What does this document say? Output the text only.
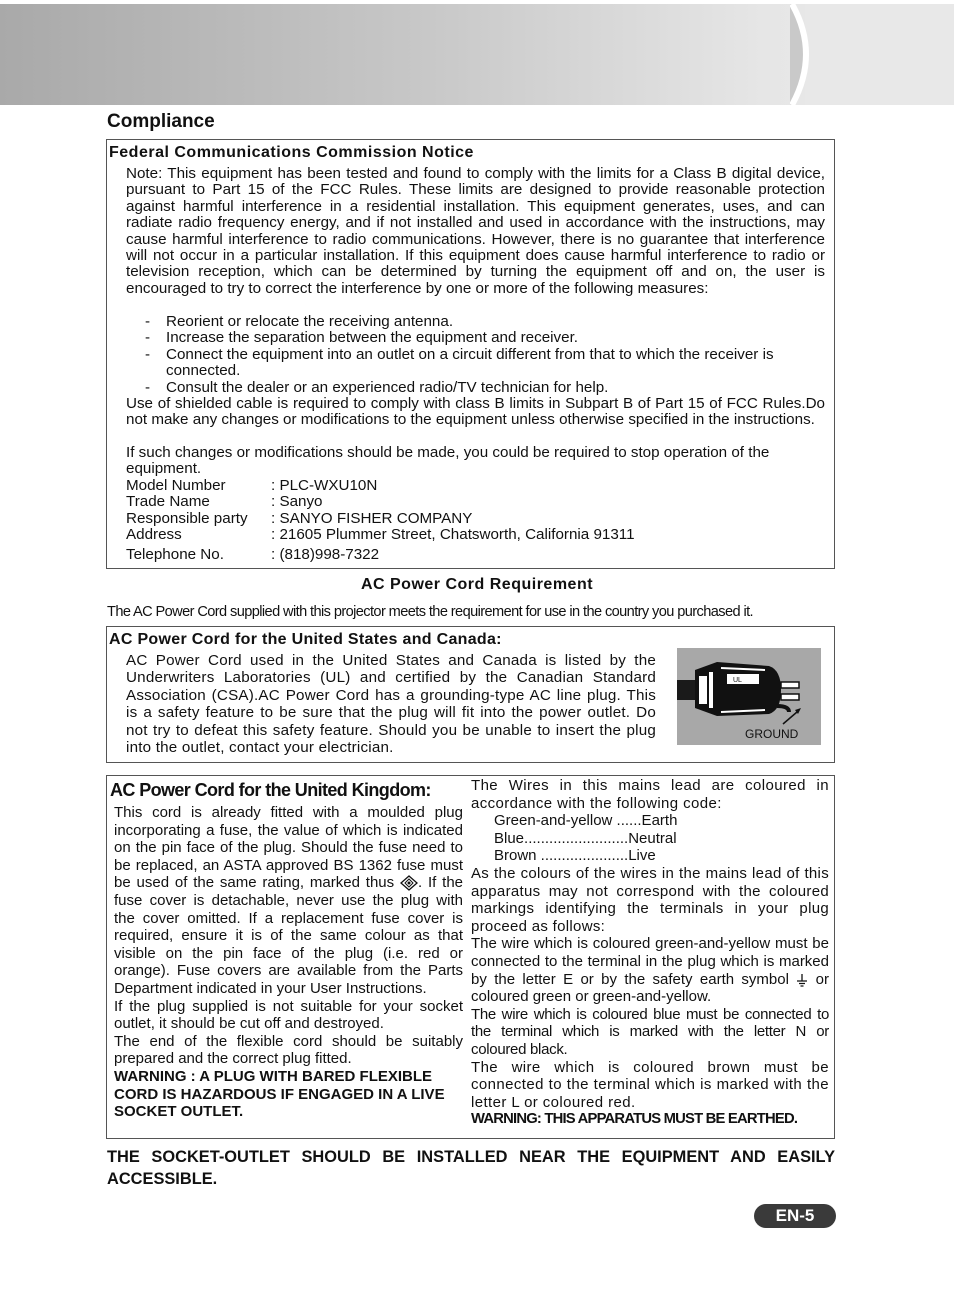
Compliance
Federal Communications Commission Notice
Note: This equipment has been tested and found to comply with the limits for a Class B digital device, pursuant to Part 15 of the FCC Rules. These limits are designed to provide reasonable protection against harmful interference in a residential installation. This equipment generates, uses, and can radiate radio frequency energy, and if not installed and used in accordance with the instructions, may cause harmful interference to radio communications. However, there is no guarantee that interference will not occur in a particular installation. If this equipment does cause harmful interference to radio or television reception, which can be determined by turning the equipment off and on, the user is encouraged to try to correct the interference by one or more of the following measures:
- Reorient or relocate the receiving antenna.
- Increase the separation between the equipment and receiver.
- Connect the equipment into an outlet on a circuit different from that to which the receiver is connected.
- Consult the dealer or an experienced radio/TV technician for help.
Use of shielded cable is required to comply with class B limits in Subpart B of Part 15 of FCC Rules.Do not make any changes or modifications to the equipment unless otherwise specified in the instructions.
If such changes or modifications should be made, you could be required to stop operation of the equipment.
Model Number	: PLC-WXU10N
Trade Name	: Sanyo
Responsible party : SANYO FISHER COMPANY
Address	: 21605 Plummer Street, Chatsworth, California 91311
Telephone No.	: (818)998-7322
AC Power Cord Requirement
The AC Power Cord supplied with this projector meets the requirement for use in the country you purchased it.
AC Power Cord for the United States and Canada:
AC Power Cord used in the United States and Canada is listed by the Underwriters Laboratories (UL) and certified by the Canadian Standard Association (CSA).AC Power Cord has a grounding-type AC line plug. This is a safety feature to be sure that the plug will fit into the power outlet. Do not try to defeat this safety feature. Should you be unable to insert the plug into the outlet, contact your electrician.
UL
GROUND
AC Power Cord for the United Kingdom:

This cord is already fitted with a moulded plug incorporating a fuse, the value of which is indicated on the pin face of the plug. Should the fuse need to be replaced, an ASTA approved BS 1362 fuse must be used of the same rating, marked thus . If the fuse cover is detachable, never use the plug with the cover omitted. If a replacement fuse cover is required, ensure it is of the same colour as that visible on the pin face of the plug (i.e. red or orange). Fuse covers are available from the Parts Department indicated in your User Instructions.

If the plug supplied is not suitable for your socket outlet, it should be cut off and destroyed.

The end of the flexible cord should be suitably prepared and the correct plug fitted.

WARNING : A PLUG WITH BARED FLEXIBLE CORD IS HAZARDOUS IF ENGAGED IN A LIVE SOCKET OUTLET.

The Wires in this mains lead are coloured in accordance with the following code:

Green-and-yellow ......Earth

Blue.........................Neutral

Brown .....................Live

As the colours of the wires in the mains lead of this apparatus may not correspond with the coloured markings identifying the terminals in your plug proceed as follows:

The wire which is coloured green-and-yellow must be connected to the terminal in the plug which is marked by the letter E or by the safety earth symbol or coloured green or green-and-yellow.

The wire which is coloured blue must be connected to the terminal which is marked with the letter N or coloured black.

The wire which is coloured brown must be connected to the terminal which is marked with the letter L or coloured red.

WARNING: THIS APPARATUS MUST BE EARTHED.

THE SOCKET-OUTLET SHOULD BE INSTALLED NEAR THE EQUIPMENT AND EASILY ACCESSIBLE.
EN-5
